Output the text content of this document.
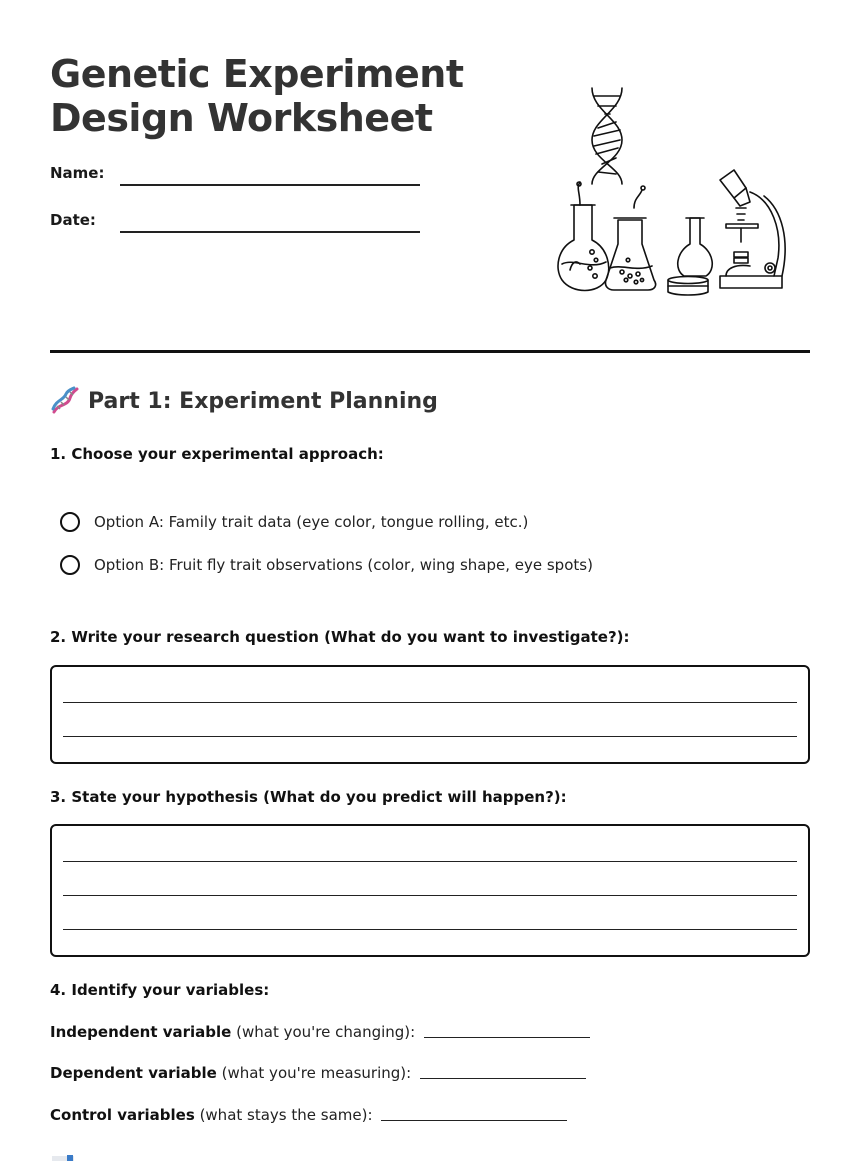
Genetic Experiment
Design Worksheet
Name:
Date:
Part 1: Experiment Planning
1. Choose your experimental approach:
Option A: Family trait data (eye color, tongue rolling, etc.)
Option B: Fruit fly trait observations (color, wing shape, eye spots)
2. Write your research question (What do you want to investigate?):
3. State your hypothesis (What do you predict will happen?):
4. Identify your variables:
Independent variable (what you're changing):
Dependent variable (what you're measuring):
Control variables (what stays the same):
